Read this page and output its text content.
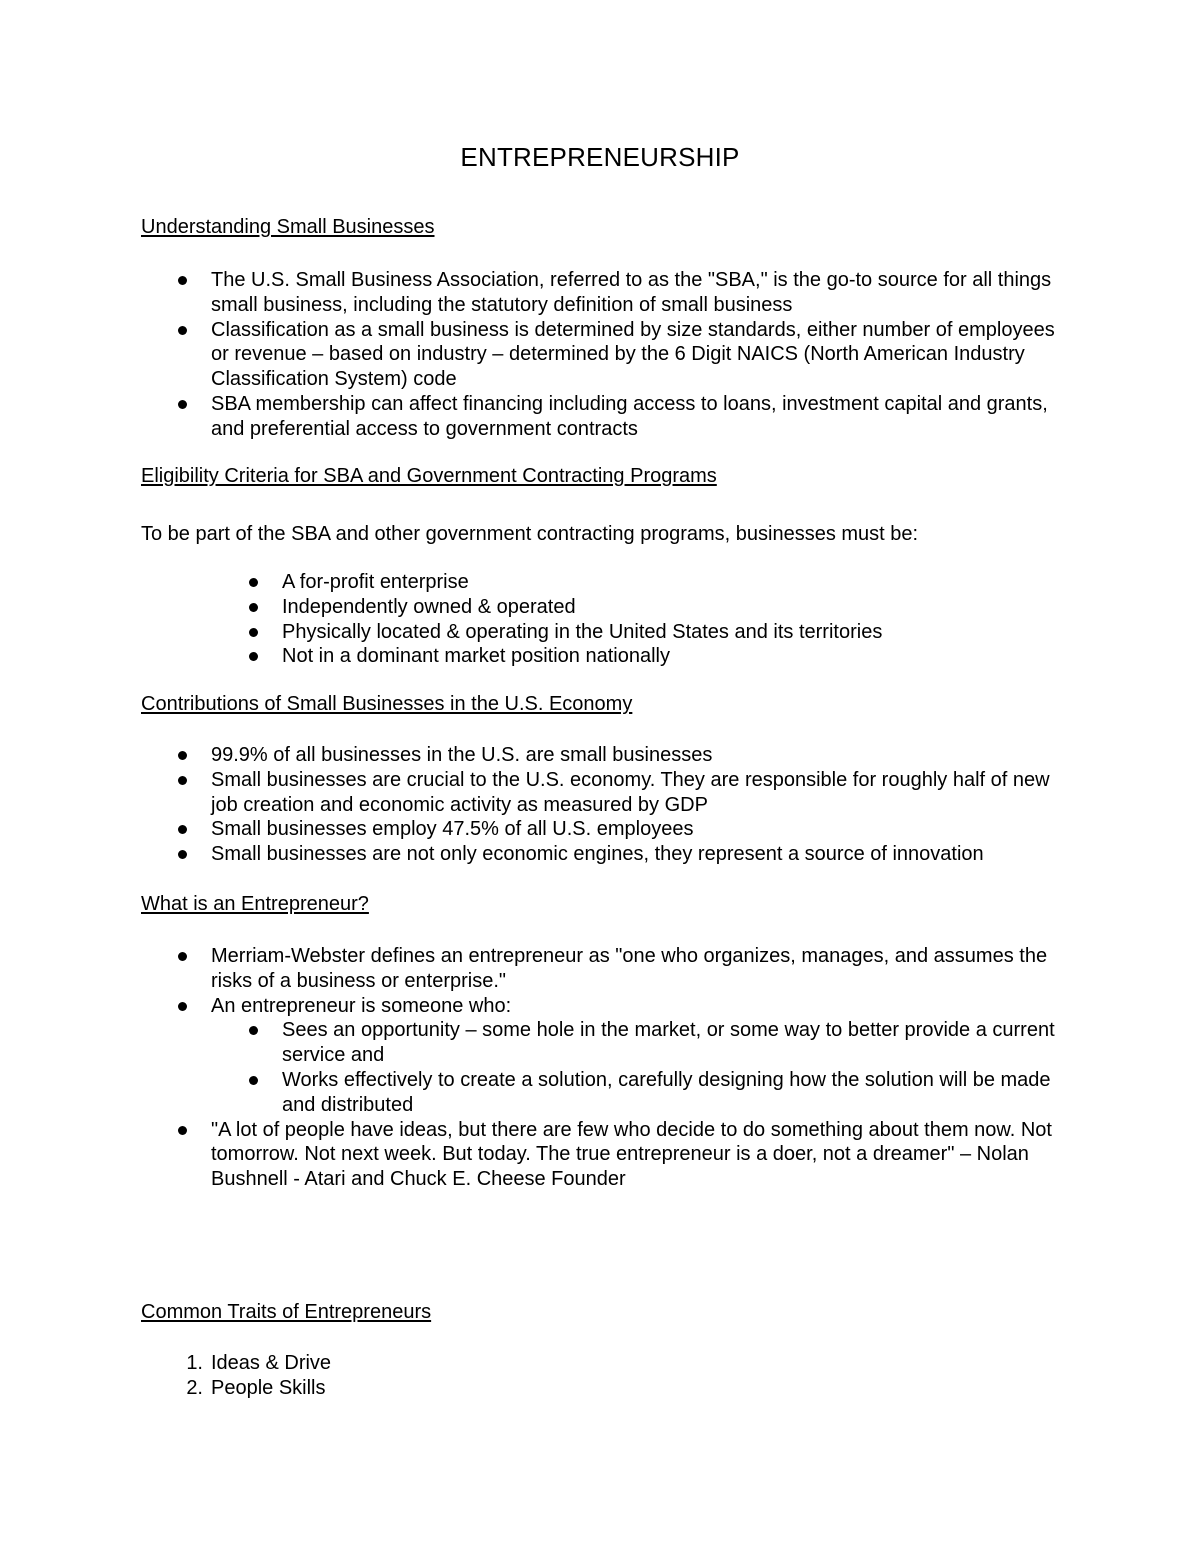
ENTREPRENEURSHIP
Understanding Small Businesses
The U.S. Small Business Association, referred to as the "SBA," is the go-to source for all things small business, including the statutory definition of small business
Classification as a small business is determined by size standards, either number of employees or revenue – based on industry – determined by the 6 Digit NAICS (North American Industry Classification System) code
SBA membership can affect financing including access to loans, investment capital and grants, and preferential access to government contracts
Eligibility Criteria for SBA and Government Contracting Programs
To be part of the SBA and other government contracting programs, businesses must be:
A for-profit enterprise
Independently owned & operated
Physically located & operating in the United States and its territories
Not in a dominant market position nationally
Contributions of Small Businesses in the U.S. Economy
99.9% of all businesses in the U.S. are small businesses
Small businesses are crucial to the U.S. economy. They are responsible for roughly half of new job creation and economic activity as measured by GDP
Small businesses employ 47.5% of all U.S. employees
Small businesses are not only economic engines, they represent a source of innovation
What is an Entrepreneur?
Merriam-Webster defines an entrepreneur as "one who organizes, manages, and assumes the risks of a business or enterprise."
An entrepreneur is someone who:
Sees an opportunity – some hole in the market, or some way to better provide a current service and
Works effectively to create a solution, carefully designing how the solution will be made and distributed
"A lot of people have ideas, but there are few who decide to do something about them now. Not tomorrow. Not next week. But today. The true entrepreneur is a doer, not a dreamer" – Nolan Bushnell - Atari and Chuck E. Cheese Founder
Common Traits of Entrepreneurs
1. Ideas & Drive
2. People Skills
